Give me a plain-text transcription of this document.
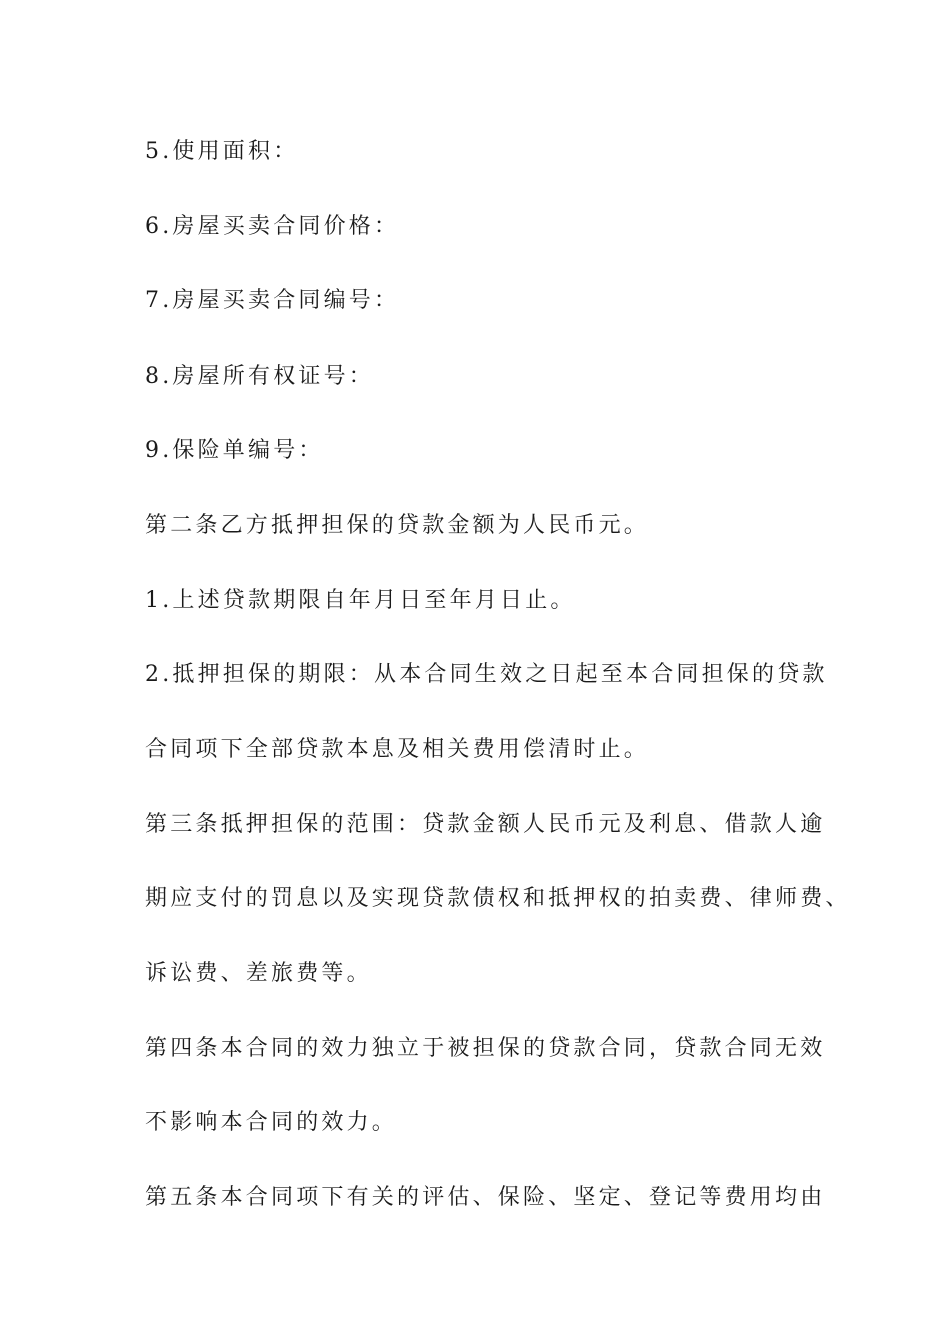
5.使用面积：
6.房屋买卖合同价格：
7.房屋买卖合同编号：
8.房屋所有权证号：
9.保险单编号：
第二条乙方抵押担保的贷款金额为人民币元。
1.上述贷款期限自年月日至年月日止。
2.抵押担保的期限：从本合同生效之日起至本合同担保的贷款
合同项下全部贷款本息及相关费用偿清时止。
第三条抵押担保的范围：贷款金额人民币元及利息、借款人逾
期应支付的罚息以及实现贷款债权和抵押权的拍卖费、律师费、
诉讼费、差旅费等。
第四条本合同的效力独立于被担保的贷款合同，贷款合同无效
不影响本合同的效力。
第五条本合同项下有关的评估、保险、坚定、登记等费用均由
